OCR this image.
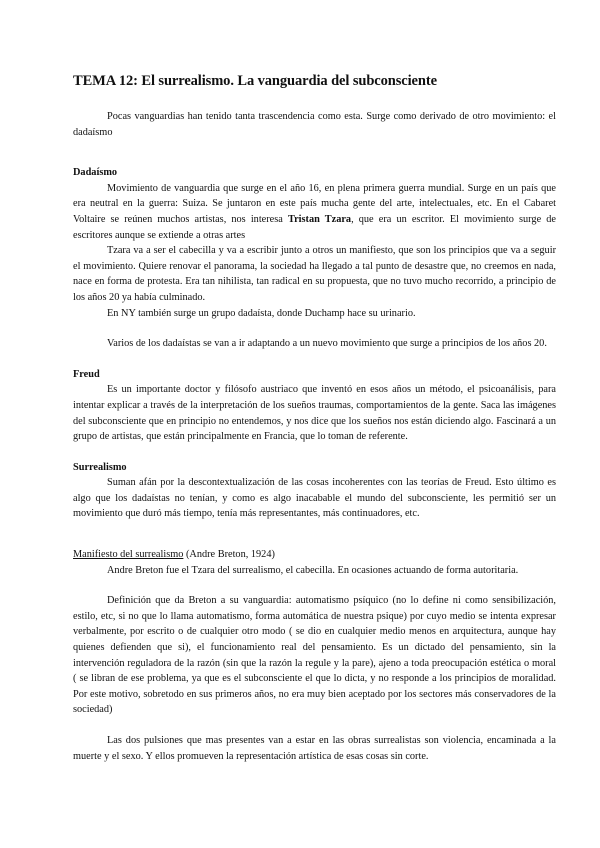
TEMA 12: El surrealismo. La vanguardia del subconsciente

Pocas vanguardias han tenido tanta trascendencia como esta. Surge como derivado de otro movimiento: el dadaísmo

Dadaísmo

Movimiento de vanguardia que surge en el año 16, en plena primera guerra mundial. Surge en un país que era neutral en la guerra: Suiza. Se juntaron en este país mucha gente del arte, intelectuales, etc. En el Cabaret Voltaire se reúnen muchos artistas, nos interesa Tristan Tzara, que era un escritor. El movimiento surge de escritores aunque se extiende a otras artes

Tzara va a ser el cabecilla y va a escribir junto a otros un manifiesto, que son los principios que va a seguir el movimiento. Quiere renovar el panorama, la sociedad ha llegado a tal punto de desastre que, no creemos en nada, nace en forma de protesta. Era tan nihilista, tan radical en su propuesta, que no tuvo mucho recorrido, a principio de los años 20 ya había culminado.

En NY también surge un grupo dadaísta, donde Duchamp hace su urinario.

Varios de los dadaístas se van a ir adaptando a un nuevo movimiento que surge a principios de los años 20.

Freud

Es un importante doctor y filósofo austriaco que inventó en esos años un método, el psicoanálisis, para intentar explicar a través de la interpretación de los sueños traumas, comportamientos de la gente. Saca las imágenes del subconsciente que en principio no entendemos, y nos dice que los sueños nos están diciendo algo. Fascinará a un grupo de artistas, que están principalmente en Francia, que lo toman de referente.

Surrealismo

Suman afán por la descontextualización de las cosas incoherentes con las teorías de Freud. Esto último es algo que los dadaístas no tenían, y como es algo inacabable el mundo del subconsciente, les permitió ser un movimiento que duró más tiempo, tenía más representantes, más continuadores, etc.

Manifiesto del surrealismo (Andre Breton, 1924)

Andre Breton fue el Tzara del surrealismo, el cabecilla. En ocasiones actuando de forma autoritaria.

Definición que da Breton a su vanguardia: automatismo psíquico (no lo define ni como sensibilización, estilo, etc, si no que lo llama automatismo, forma automática de nuestra psique) por cuyo medio se intenta expresar verbalmente, por escrito o de cualquier otro modo ( se dio en cualquier medio menos en arquitectura, aunque hay quienes defienden que si), el funcionamiento real del pensamiento. Es un dictado del pensamiento, sin la intervención reguladora de la razón (sin que la razón la regule y la pare), ajeno a toda preocupación estética o moral ( se libran de ese problema, ya que es el subconsciente el que lo dicta, y no responde a los principios de moralidad. Por este motivo, sobretodo en sus primeros años, no era muy bien aceptado por los sectores más conservadores de la sociedad)

Las dos pulsiones que mas presentes van a estar en las obras surrealistas son violencia, encaminada a la muerte y el sexo. Y ellos promueven la representación artística de esas cosas sin corte.
